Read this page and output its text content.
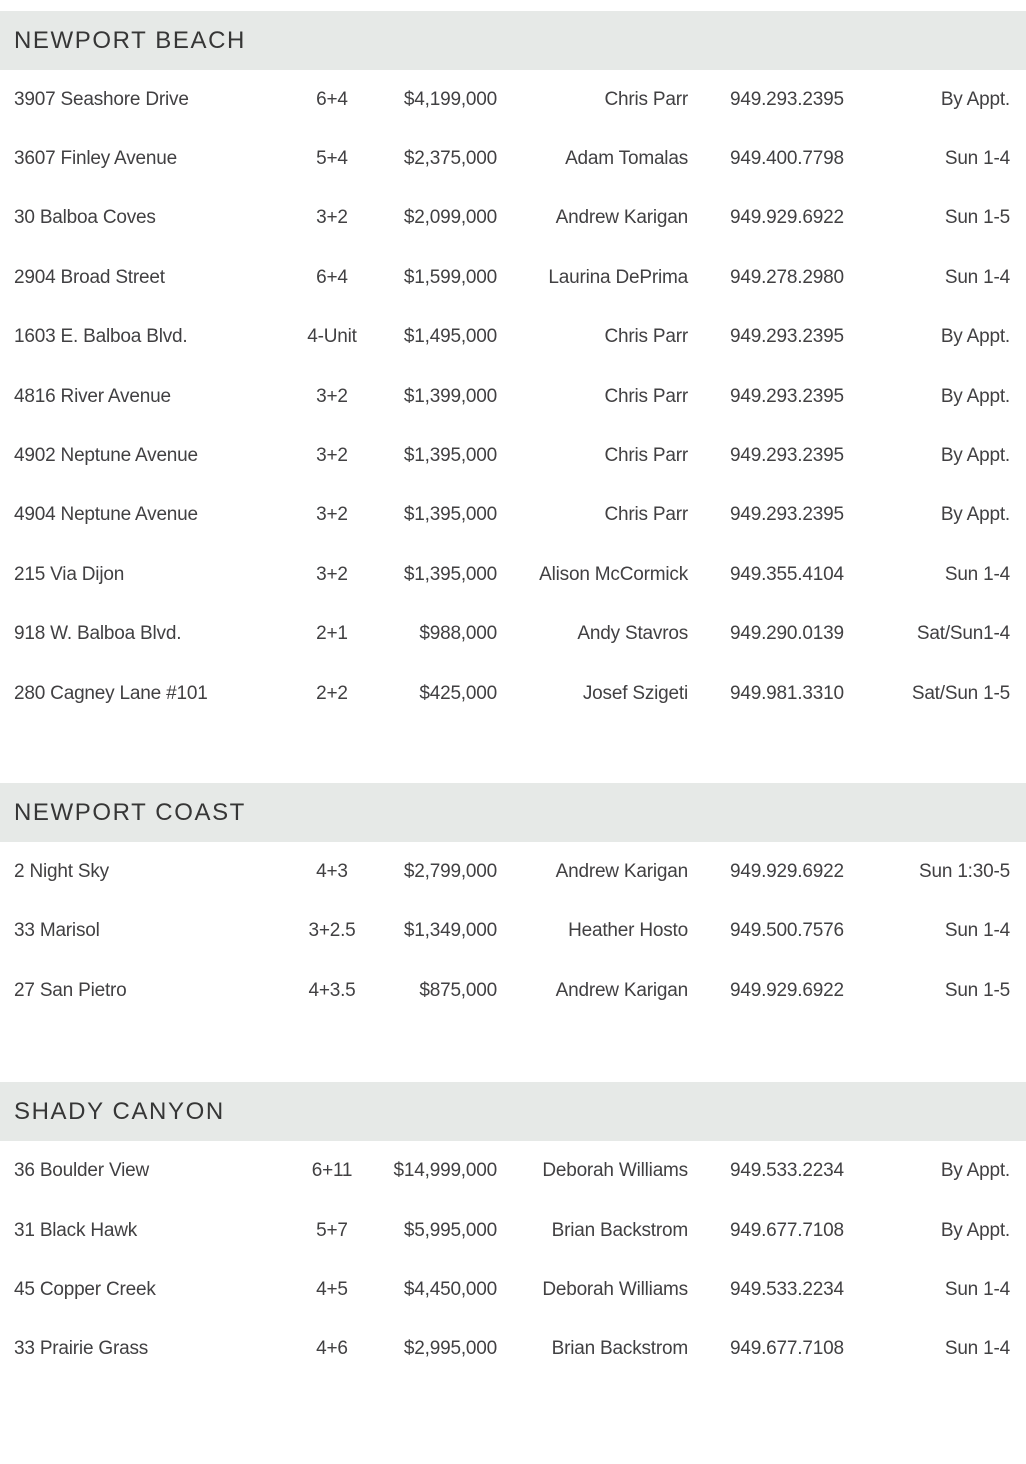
NEWPORT BEACH
3907 Seashore Drive	6+4	$4,199,000	Chris Parr	949.293.2395	By Appt.
3607 Finley Avenue	5+4	$2,375,000	Adam Tomalas	949.400.7798	Sun 1-4
30 Balboa Coves	3+2	$2,099,000	Andrew Karigan	949.929.6922	Sun 1-5
2904 Broad Street	6+4	$1,599,000	Laurina DePrima	949.278.2980	Sun 1-4
1603 E. Balboa Blvd.	4-Unit	$1,495,000	Chris Parr	949.293.2395	By Appt.
4816 River Avenue	3+2	$1,399,000	Chris Parr	949.293.2395	By Appt.
4902 Neptune Avenue	3+2	$1,395,000	Chris Parr	949.293.2395	By Appt.
4904 Neptune Avenue	3+2	$1,395,000	Chris Parr	949.293.2395	By Appt.
215 Via Dijon	3+2	$1,395,000	Alison McCormick	949.355.4104	Sun 1-4
918 W. Balboa Blvd.	2+1	$988,000	Andy Stavros	949.290.0139	Sat/Sun1-4
280 Cagney Lane #101	2+2	$425,000	Josef Szigeti	949.981.3310	Sat/Sun 1-5
NEWPORT COAST
2 Night Sky	4+3	$2,799,000	Andrew Karigan	949.929.6922	Sun 1:30-5
33 Marisol	3+2.5	$1,349,000	Heather Hosto	949.500.7576	Sun 1-4
27 San Pietro	4+3.5	$875,000	Andrew Karigan	949.929.6922	Sun 1-5
SHADY CANYON
36 Boulder View	6+11	$14,999,000	Deborah Williams	949.533.2234	By Appt.
31 Black Hawk	5+7	$5,995,000	Brian Backstrom	949.677.7108	By Appt.
45 Copper Creek	4+5	$4,450,000	Deborah Williams	949.533.2234	Sun 1-4
33 Prairie Grass	4+6	$2,995,000	Brian Backstrom	949.677.7108	Sun 1-4
